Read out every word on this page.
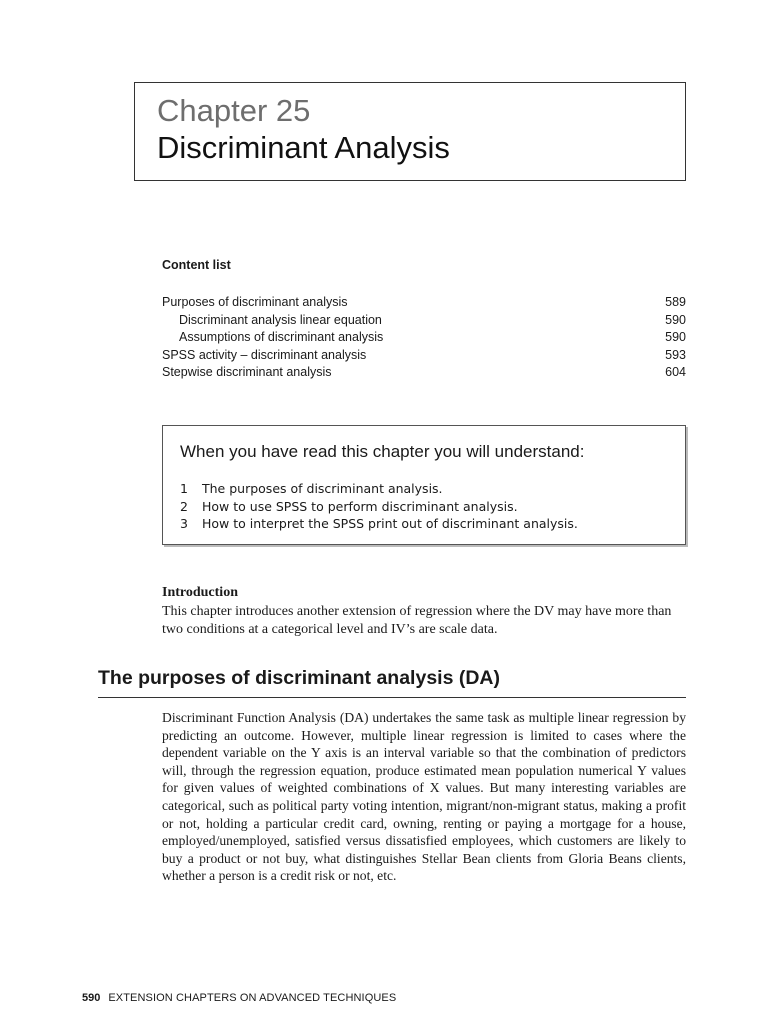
Chapter 25
Discriminant Analysis
Content list
Purposes of discriminant analysis	589
Discriminant analysis linear equation	590
Assumptions of discriminant analysis	590
SPSS activity – discriminant analysis	593
Stepwise discriminant analysis	604
When you have read this chapter you will understand:
1 The purposes of discriminant analysis.
2 How to use SPSS to perform discriminant analysis.
3 How to interpret the SPSS print out of discriminant analysis.
Introduction
This chapter introduces another extension of regression where the DV may have more than two conditions at a categorical level and IV’s are scale data.
The purposes of discriminant analysis (DA)
Discriminant Function Analysis (DA) undertakes the same task as multiple linear regression by predicting an outcome. However, multiple linear regression is limited to cases where the dependent variable on the Y axis is an interval variable so that the combination of predictors will, through the regression equation, produce estimated mean population numerical Y values for given values of weighted combinations of X values. But many interesting variables are categorical, such as political party voting intention, migrant/non-migrant status, making a profit or not, holding a particular credit card, owning, renting or paying a mortgage for a house, employed/unemployed, satisfied versus dissatisfied employees, which customers are likely to buy a product or not buy, what distinguishes Stellar Bean clients from Gloria Beans clients, whether a person is a credit risk or not, etc.
590 EXTENSION CHAPTERS ON ADVANCED TECHNIQUES
